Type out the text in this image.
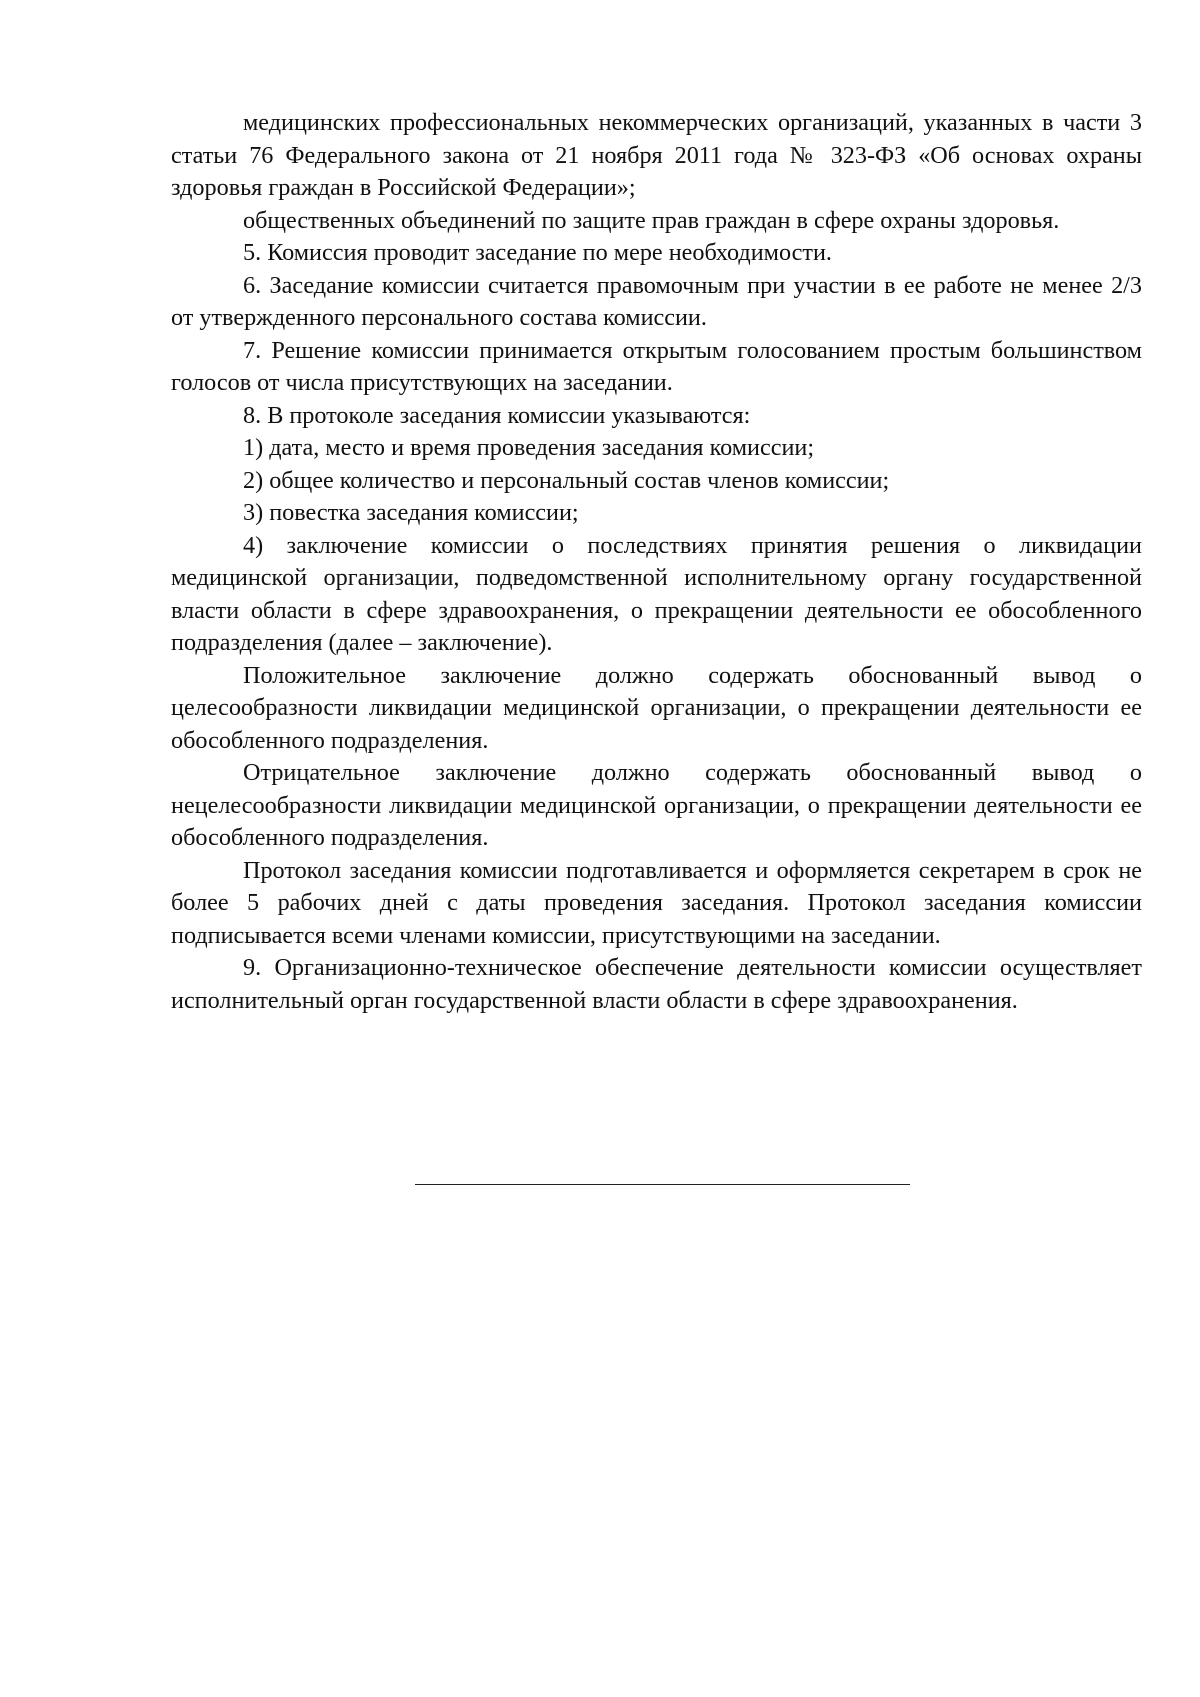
медицинских профессиональных некоммерческих организаций, указанных в части 3 статьи 76 Федерального закона от 21 ноября 2011 года № 323-ФЗ «Об основах охраны здоровья граждан в Российской Федерации»;

общественных объединений по защите прав граждан в сфере охраны здоровья.

5. Комиссия проводит заседание по мере необходимости.

6. Заседание комиссии считается правомочным при участии в ее работе не менее 2/3 от утвержденного персонального состава комиссии.

7. Решение комиссии принимается открытым голосованием простым большинством голосов от числа присутствующих на заседании.

8. В протоколе заседания комиссии указываются:

1) дата, место и время проведения заседания комиссии;

2) общее количество и персональный состав членов комиссии;

3) повестка заседания комиссии;

4) заключение комиссии о последствиях принятия решения о ликвидации медицинской организации, подведомственной исполнительному органу государственной власти области в сфере здравоохранения, о прекращении деятельности ее обособленного подразделения (далее – заключение).

Положительное заключение должно содержать обоснованный вывод о целесообразности ликвидации медицинской организации, о прекращении деятельности ее обособленного подразделения.

Отрицательное заключение должно содержать обоснованный вывод о нецелесообразности ликвидации медицинской организации, о прекращении деятельности ее обособленного подразделения.

Протокол заседания комиссии подготавливается и оформляется секретарем в срок не более 5 рабочих дней с даты проведения заседания. Протокол заседания комиссии подписывается всеми членами комиссии, присутствующими на заседании.

9. Организационно-техническое обеспечение деятельности комиссии осуществляет исполнительный орган государственной власти области в сфере здравоохранения.
